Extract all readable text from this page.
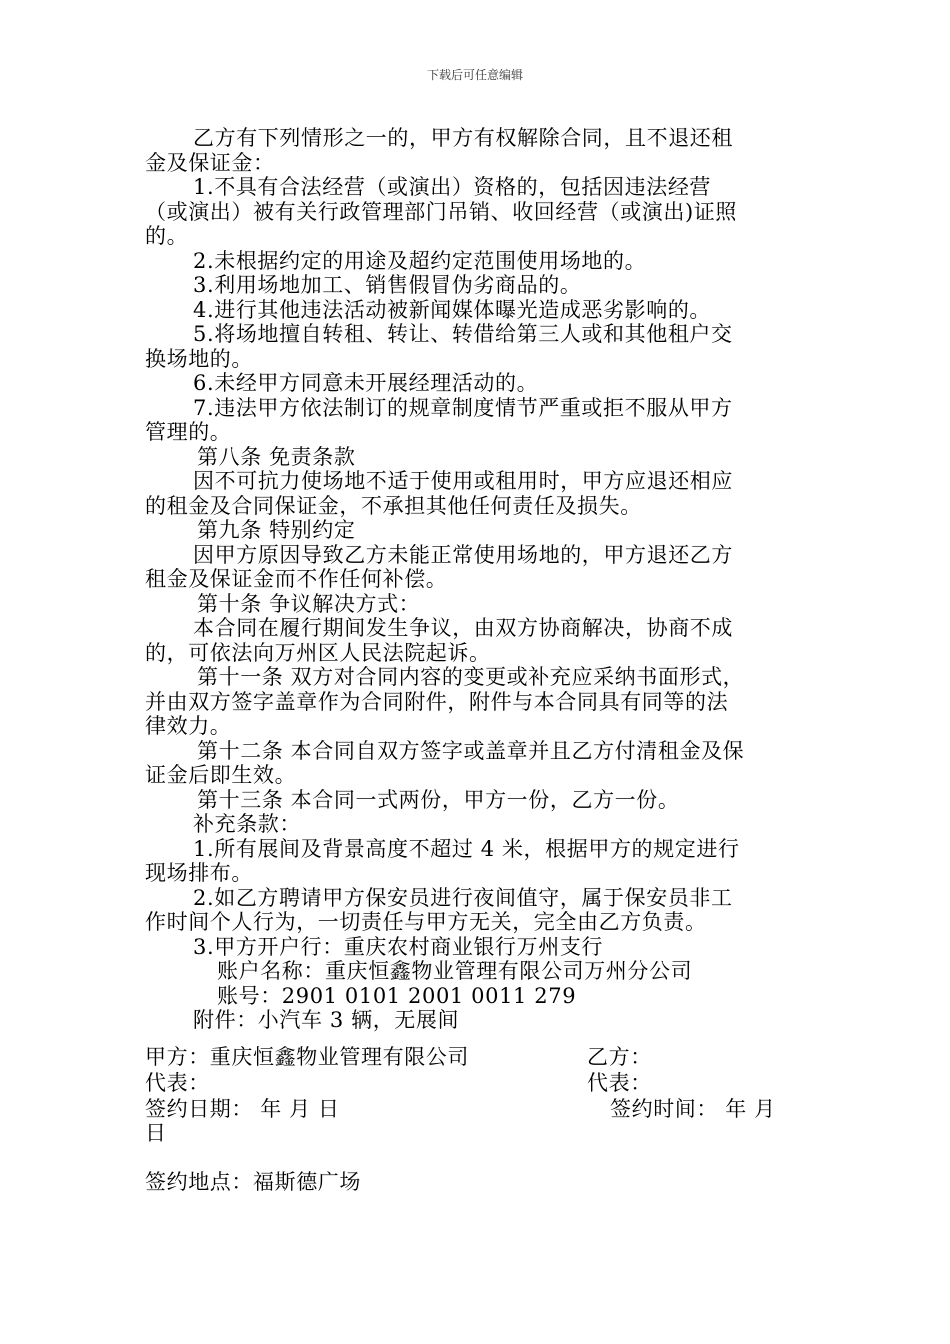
下载后可任意编辑
乙方有下列情形之一的，甲方有权解除合同，且不退还租
金及保证金：
1.不具有合法经营（或演出）资格的，包括因违法经营
（或演出）被有关行政管理部门吊销、收回经营（或演出)证照
的。
2.未根据约定的用途及超约定范围使用场地的。
3.利用场地加工、销售假冒伪劣商品的。
4.进行其他违法活动被新闻媒体曝光造成恶劣影响的。
5.将场地擅自转租、转让、转借给第三人或和其他租户交
换场地的。
6.未经甲方同意未开展经理活动的。
7.违法甲方依法制订的规章制度情节严重或拒不服从甲方
管理的。
第八条 免责条款
因不可抗力使场地不适于使用或租用时，甲方应退还相应
的租金及合同保证金，不承担其他任何责任及损失。
第九条 特别约定
因甲方原因导致乙方未能正常使用场地的，甲方退还乙方
租金及保证金而不作任何补偿。
第十条 争议解决方式：
本合同在履行期间发生争议，由双方协商解决，协商不成
的，可依法向万州区人民法院起诉。
第十一条 双方对合同内容的变更或补充应采纳书面形式，
并由双方签字盖章作为合同附件，附件与本合同具有同等的法
律效力。
第十二条 本合同自双方签字或盖章并且乙方付清租金及保
证金后即生效。
第十三条 本合同一式两份，甲方一份，乙方一份。
补充条款：
1.所有展间及背景高度不超过 4 米，根据甲方的规定进行
现场排布。
2.如乙方聘请甲方保安员进行夜间值守，属于保安员非工
作时间个人行为，一切责任与甲方无关，完全由乙方负责。
3.甲方开户行：重庆农村商业银行万州支行
账户名称：重庆恒鑫物业管理有限公司万州分公司
账号：2901 0101 2001 0011 279
附件：小汽车 3 辆，无展间
甲方：重庆恒鑫物业管理有限公司	乙方：
代表：	代表：
签约日期： 年 月 日	签约时间： 年 月
日
签约地点：福斯德广场
